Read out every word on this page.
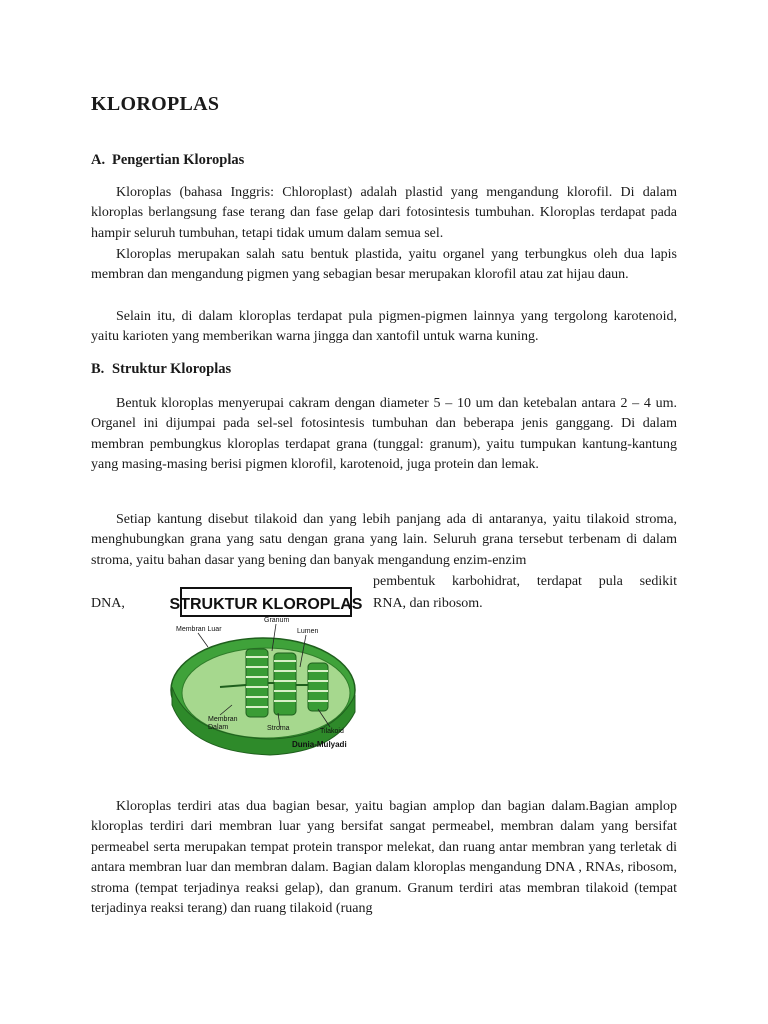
KLOROPLAS
A. Pengertian Kloroplas

Kloroplas (bahasa Inggris: Chloroplast) adalah plastid yang mengandung klorofil. Di dalam kloroplas berlangsung fase terang dan fase gelap dari fotosintesis tumbuhan. Kloroplas terdapat pada hampir seluruh tumbuhan, tetapi tidak umum dalam semua sel.

Kloroplas merupakan salah satu bentuk plastida, yaitu organel yang terbungkus oleh dua lapis membran dan mengandung pigmen yang sebagian besar merupakan klorofil atau zat hijau daun.

Selain itu, di dalam kloroplas terdapat pula pigmen-pigmen lainnya yang tergolong karotenoid, yaitu karioten yang memberikan warna jingga dan xantofil untuk warna kuning.

B. Struktur Kloroplas

Bentuk kloroplas menyerupai cakram dengan diameter 5 – 10 um dan ketebalan antara 2 – 4 um. Organel ini dijumpai pada sel-sel fotosintesis tumbuhan dan beberapa jenis ganggang. Di dalam membran pembungkus kloroplas terdapat grana (tunggal: granum), yaitu tumpukan kantung-kantung yang masing-masing berisi pigmen klorofil, karotenoid, juga protein dan lemak.

Setiap kantung disebut tilakoid dan yang lebih panjang ada di antaranya, yaitu tilakoid stroma, menghubungkan grana yang satu dengan grana yang lain. Seluruh grana tersebut terbenam di dalam stroma, yaitu bahan dasar yang bening dan banyak mengandung enzim-enzim

pembentuk karbohidrat, terdapat pula sedikit

DNA,	RNA, dan ribosom.

STRUKTUR KLOROPLAS
Membran Luar
Granum
Lumen
Membran Dalam	Stroma	Tilakoid
Dunia-Mulyadi

Kloroplas terdiri atas dua bagian besar, yaitu bagian amplop dan bagian dalam.Bagian amplop kloroplas terdiri dari membran luar yang bersifat sangat permeabel, membran dalam yang bersifat permeabel serta merupakan tempat protein transpor melekat, dan ruang antar membran yang terletak di antara membran luar dan membran dalam. Bagian dalam kloroplas mengandung DNA , RNAs, ribosom, stroma (tempat terjadinya reaksi gelap), dan granum. Granum terdiri atas membran tilakoid (tempat terjadinya reaksi terang) dan ruang tilakoid (ruang
